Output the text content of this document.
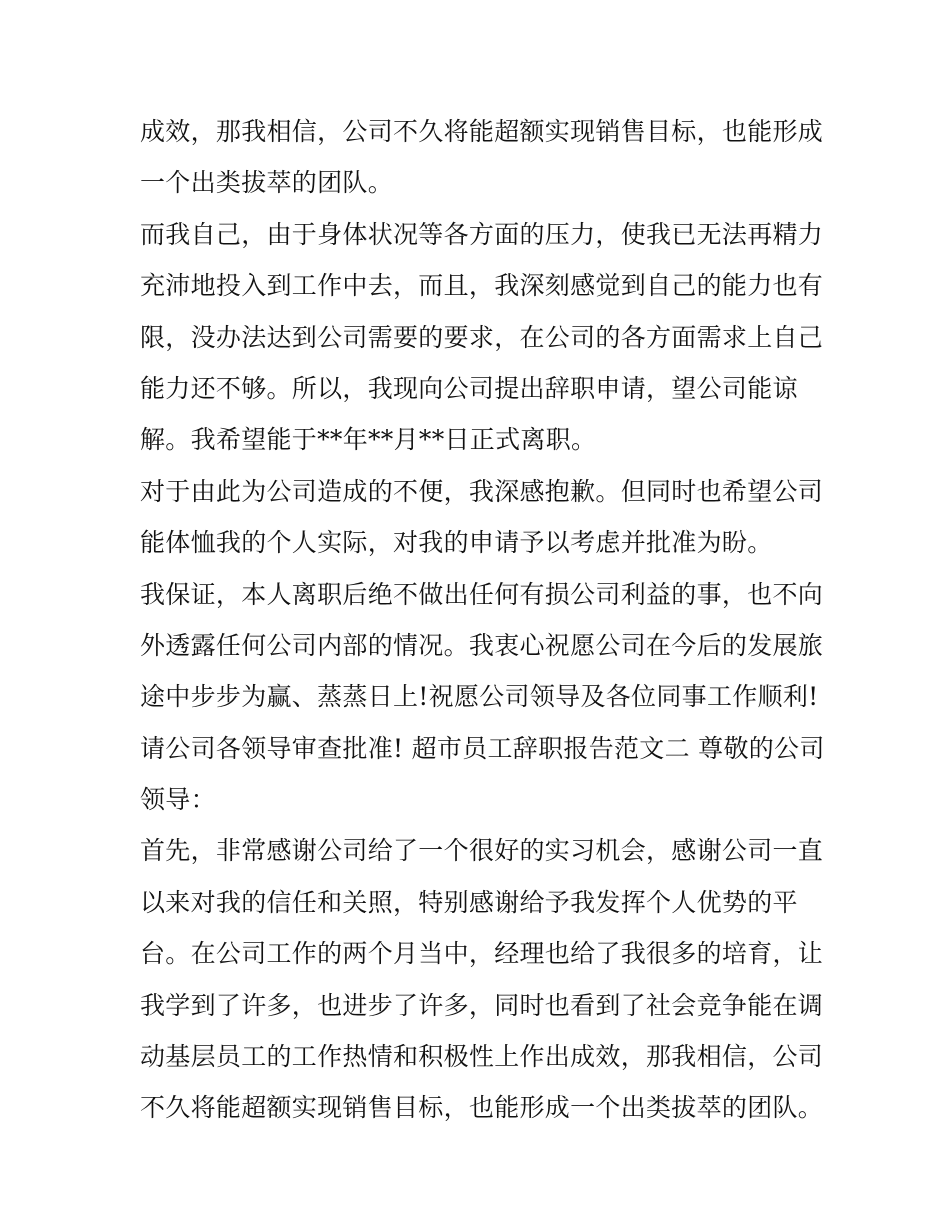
成效，那我相信，公司不久将能超额实现销售目标，也能形成
一个出类拔萃的团队。
而我自己，由于身体状况等各方面的压力，使我已无法再精力
充沛地投入到工作中去，而且，我深刻感觉到自己的能力也有
限，没办法达到公司需要的要求，在公司的各方面需求上自己
能力还不够。所以，我现向公司提出辞职申请，望公司能谅
解。我希望能于**年**月**日正式离职。
对于由此为公司造成的不便，我深感抱歉。但同时也希望公司
能体恤我的个人实际，对我的申请予以考虑并批准为盼。
我保证，本人离职后绝不做出任何有损公司利益的事，也不向
外透露任何公司内部的情况。我衷心祝愿公司在今后的发展旅
途中步步为赢、蒸蒸日上!祝愿公司领导及各位同事工作顺利!
请公司各领导审查批准! 超市员工辞职报告范文二 尊敬的公司
领导：
首先，非常感谢公司给了一个很好的实习机会，感谢公司一直
以来对我的信任和关照，特别感谢给予我发挥个人优势的平
台。在公司工作的两个月当中，经理也给了我很多的培育，让
我学到了许多，也进步了许多，同时也看到了社会竞争能在调
动基层员工的工作热情和积极性上作出成效，那我相信，公司
不久将能超额实现销售目标，也能形成一个出类拔萃的团队。
